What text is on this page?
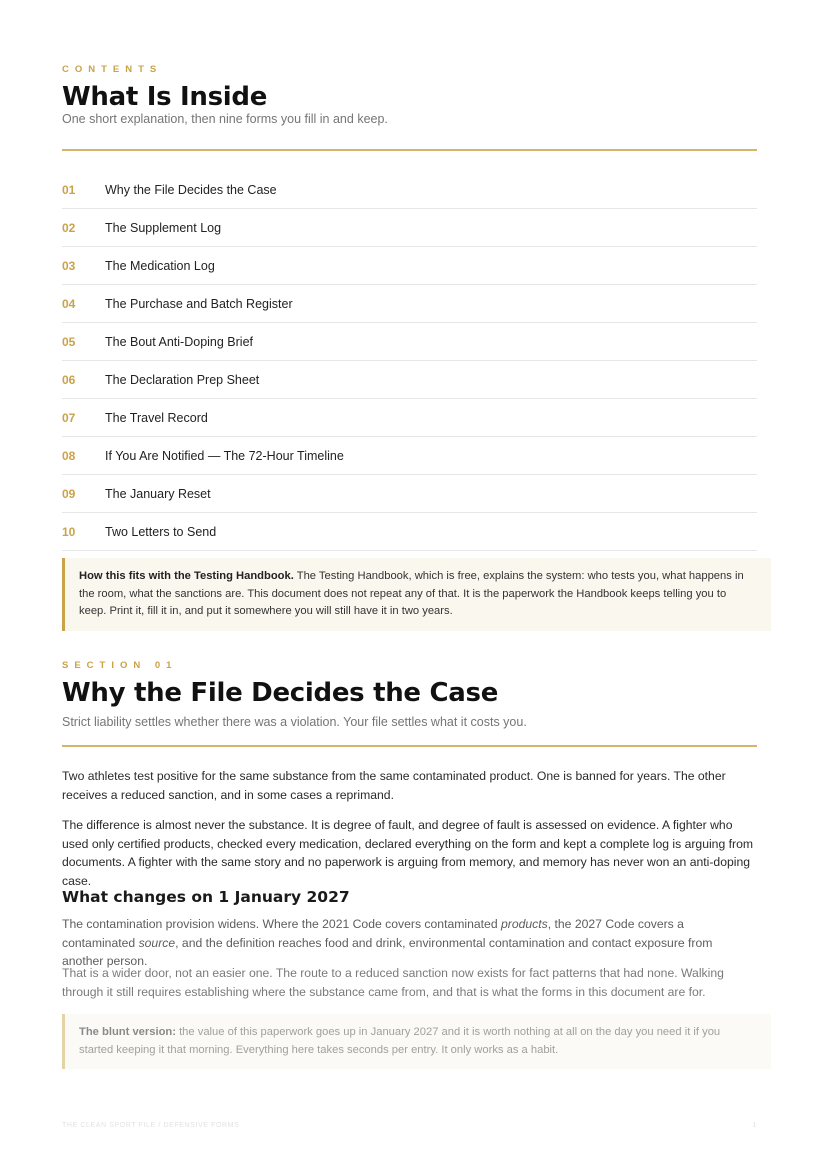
CONTENTS
What Is Inside
One short explanation, then nine forms you fill in and keep.
01	Why the File Decides the Case
02	The Supplement Log
03	The Medication Log
04	The Purchase and Batch Register
05	The Bout Anti-Doping Brief
06	The Declaration Prep Sheet
07	The Travel Record
08	If You Are Notified — The 72-Hour Timeline
09	The January Reset
10	Two Letters to Send
How this fits with the Testing Handbook. The Testing Handbook, which is free, explains the system: who tests you, what happens in the room, what the sanctions are. This document does not repeat any of that. It is the paperwork the Handbook keeps telling you to keep. Print it, fill it in, and put it somewhere you will still have it in two years.
SECTION 01
Why the File Decides the Case
Strict liability settles whether there was a violation. Your file settles what it costs you.

Two athletes test positive for the same substance from the same contaminated product. One is banned for years. The other receives a reduced sanction, and in some cases a reprimand.

The difference is almost never the substance. It is degree of fault, and degree of fault is assessed on evidence. A fighter who used only certified products, checked every medication, declared everything on the form and kept a complete log is arguing from documents. A fighter with the same story and no paperwork is arguing from memory, and memory has never won an anti-doping case.

What changes on 1 January 2027

The contamination provision widens. Where the 2021 Code covers contaminated products, the 2027 Code covers a contaminated source, and the definition reaches food and drink, environmental contamination and contact exposure from another person.

That is a wider door, not an easier one. The route to a reduced sanction now exists for fact patterns that had none. Walking through it still requires establishing where the substance came from, and that is what the forms in this document are for.

The blunt version: the value of this paperwork goes up in January 2027 and it is worth nothing at all on the day you need it if you started keeping it that morning. Everything here takes seconds per entry. It only works as a habit.
THE CLEAN SPORT FILE / DEFENSIVE FORMS	1
